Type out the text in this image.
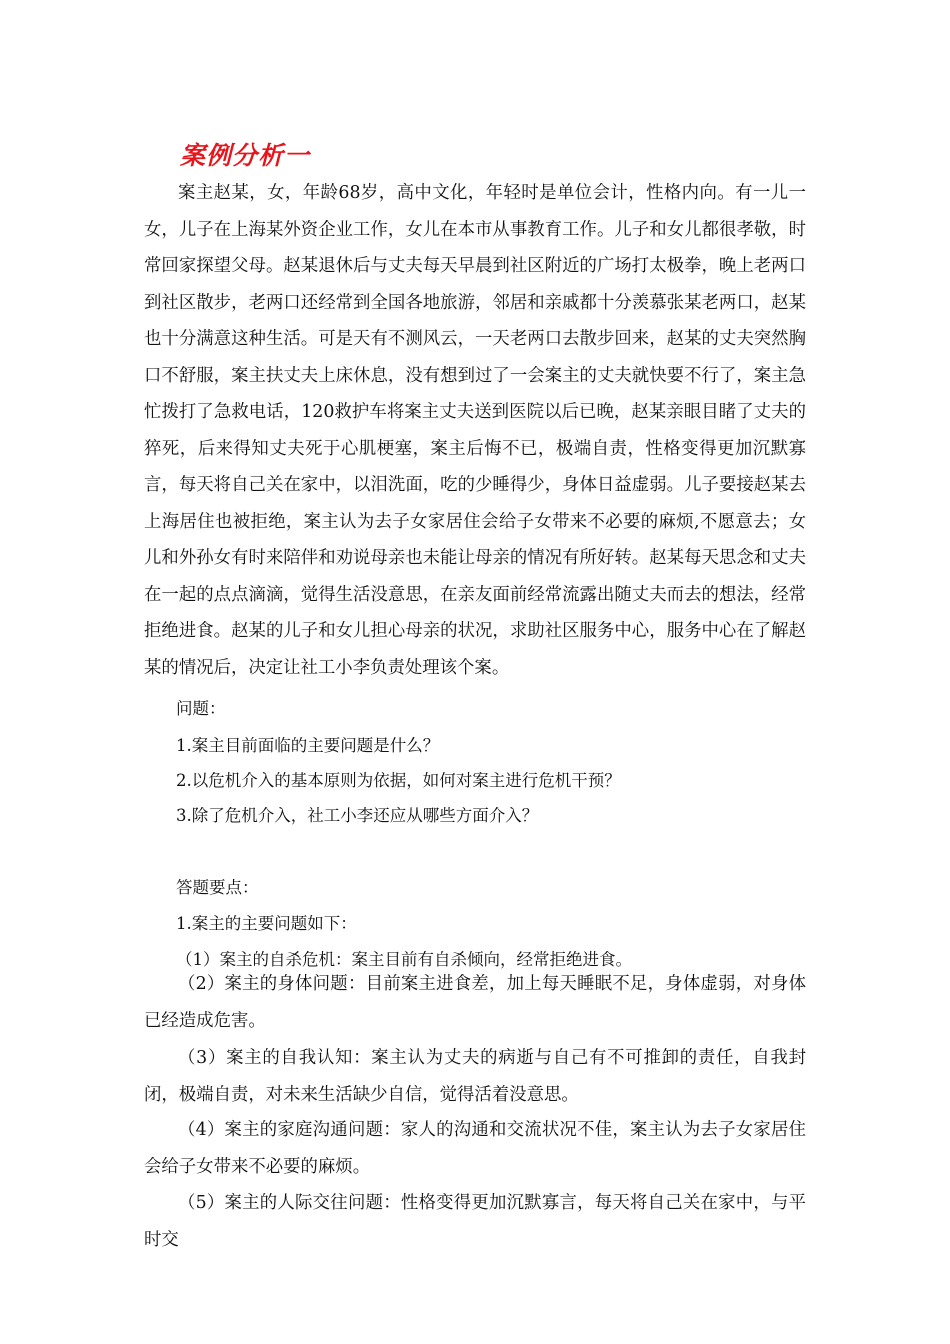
案例分析一

案主赵某，女，年龄68岁，高中文化，年轻时是单位会计，性格内向。有一儿一女，儿子在上海某外资企业工作，女儿在本市从事教育工作。儿子和女儿都很孝敬，时常回家探望父母。赵某退休后与丈夫每天早晨到社区附近的广场打太极拳，晚上老两口到社区散步，老两口还经常到全国各地旅游，邻居和亲戚都十分羡慕张某老两口，赵某也十分满意这种生活。可是天有不测风云，一天老两口去散步回来，赵某的丈夫突然胸口不舒服，案主扶丈夫上床休息，没有想到过了一会案主的丈夫就快要不行了，案主急忙拨打了急救电话，120救护车将案主丈夫送到医院以后已晚，赵某亲眼目睹了丈夫的猝死，后来得知丈夫死于心肌梗塞，案主后悔不已，极端自责，性格变得更加沉默寡言，每天将自己关在家中，以泪洗面，吃的少睡得少，身体日益虚弱。儿子要接赵某去上海居住也被拒绝，案主认为去子女家居住会给子女带来不必要的麻烦,不愿意去；女儿和外孙女有时来陪伴和劝说母亲也未能让母亲的情况有所好转。赵某每天思念和丈夫在一起的点点滴滴，觉得生活没意思，在亲友面前经常流露出随丈夫而去的想法，经常拒绝进食。赵某的儿子和女儿担心母亲的状况，求助社区服务中心，服务中心在了解赵某的情况后，决定让社工小李负责处理该个案。

问题：

1.案主目前面临的主要问题是什么？

2.以危机介入的基本原则为依据，如何对案主进行危机干预？

3.除了危机介入，社工小李还应从哪些方面介入？

答题要点：

1.案主的主要问题如下：

（1）案主的自杀危机：案主目前有自杀倾向，经常拒绝进食。

（2）案主的身体问题：目前案主进食差，加上每天睡眠不足，身体虚弱，对身体已经造成危害。

（3）案主的自我认知：案主认为丈夫的病逝与自己有不可推卸的责任，自我封闭，极端自责，对未来生活缺少自信，觉得活着没意思。

（4）案主的家庭沟通问题：家人的沟通和交流状况不佳，案主认为去子女家居住会给子女带来不必要的麻烦。

（5）案主的人际交往问题：性格变得更加沉默寡言，每天将自己关在家中，与平时交
